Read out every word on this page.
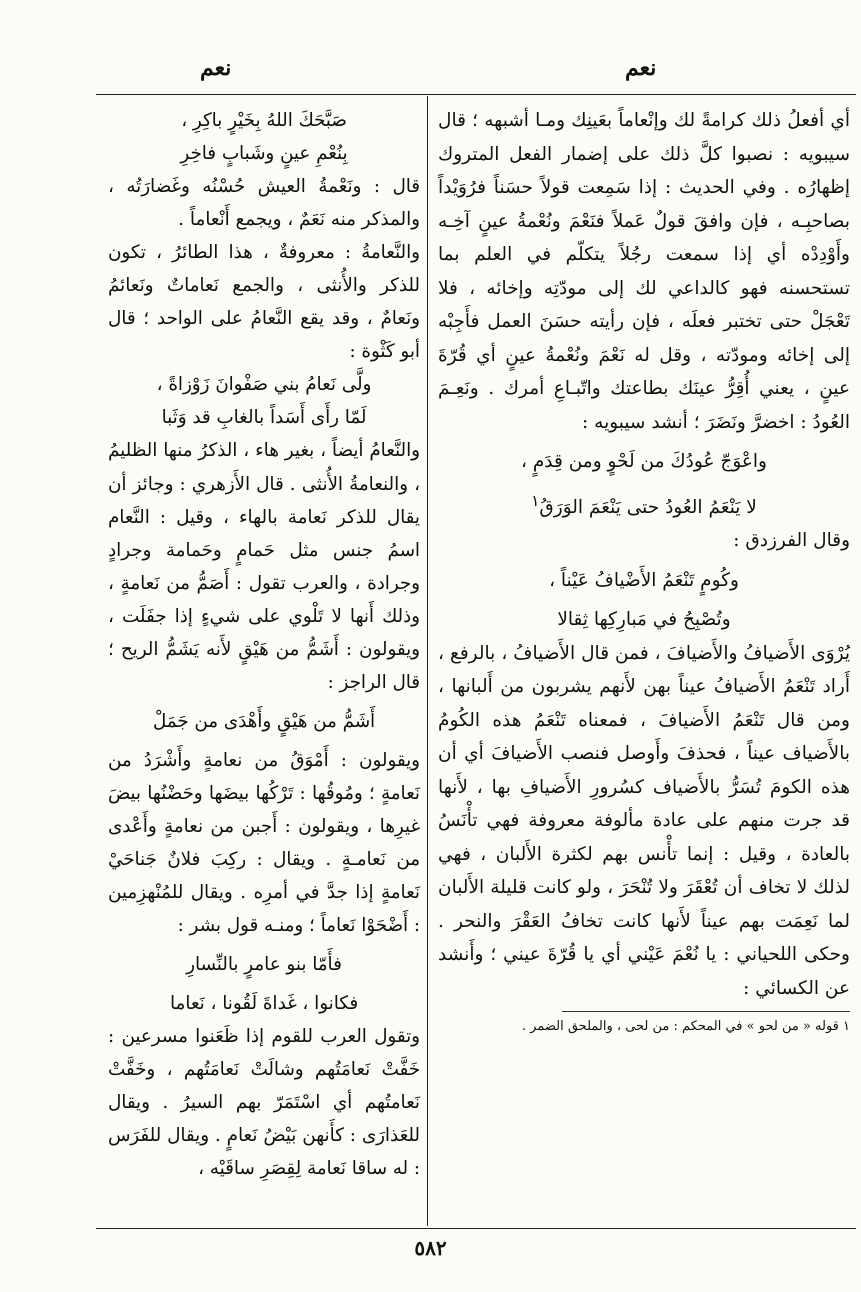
نعم	نعم

أي أفعلُ ذلك كرامةً لك وإنْعاماً بعَينِك ومـا أشبهه ؛ قال سيبويه : نصبوا كلَّ ذلك على إضمار الفعل المتروك إظهارُه . وفي الحديث : إذا سَمِعت قولاً حسَناً فرُوَيْداً بصاحبِـه ، فإن وافقَ قولٌ عَملاً فنَعْمَ ونُعْمةُ عينٍ آخِـه وأَوْدِدْه أي إذا سمعت رجُلاً يتكلّم في العلم بما تستحسنه فهو كالداعي لك إلى مودّتِه وإخائه ، فلا تَعْجَلْ حتى تختبر فعلَه ، فإن رأيته حسَنَ العمل فأَجِبْه إلى إخائه ومودّته ، وقل له نَعْمَ ونُعْمةُ عينٍ أي قُرّةَ عينٍ ، يعني أُقِرُّ عينَك بطاعتك واتّبـاعِ أمرك . ونَعِـمَ العُودُ : اخضرَّ ونَضَرَ ؛ أنشد سيبويه :

واعْوَجّ عُودُكَ من لَحْوٍ ومن قِدَمٍ ،

لا يَنْعَمُ العُودُ حتى يَنْعَمَ الوَرَقُ$^١$

وقال الفرزدق :

وكُومٍ تَنْعَمُ الأَضْيافُ عَيْناً ،

وتُصْبِحُ في مَبارِكِها ثِقالا

يُرْوَى الأَضيافُ والأَضيافَ ، فمن قال الأَضيافُ ، بالرفع ، أَراد تَنْعَمُ الأَضيافُ عيناً بهن لأَنهم يشربون من أَلبانها ، ومن قال تَنْعَمُ الأَضيافَ ، فمعناه تَنْعَمُ هذه الكُومُ بالأَضياف عيناً ، فحذفَ وأَوصل فنصب الأَضيافَ أي أن هذه الكومَ تُسَرُّ بالأَضياف كسُرورِ الأَضيافِ بها ، لأَنها قد جرت منهم على عادة مألوفة معروفة فهي تأْنَسُ بالعادة ، وقيل : إنما تأْنس بهم لكثرة الأَلبان ، فهي لذلك لا تخاف أن تُعْقَرَ ولا تُنْحَرَ ، ولو كانت قليلة الأَلبان لما نَعِمَت بهم عيناً لأَنها كانت تخافُ العَقْرَ والنحر . وحكى اللحياني : يا نُعْمَ عَيْني أي يا قُرّةَ عيني ؛ وأَنشد عن الكسائي :

١ قوله « من لحو » في المحكم : من لحى ، والملحق الضمر .

صَبَّحَكَ اللهُ بِخَيْرٍ باكِرِ ،

بِنُعْمِ عينٍ وشَبابٍ فاخِرِ

قال : ونَعْمةُ العيش حُسْنُه وغَضارَتُه ، والمذكر منه نَعَمٌ ، ويجمع أَنْعاماً .

والنَّعامةُ : معروفةٌ ، هذا الطائرُ ، تكون للذكر والأُنثى ، والجمع نَعاماتٌ ونَعائمُ ونَعامٌ ، وقد يقع النَّعامُ على الواحد ؛ قال أبو كَثْوة :

ولَّى نَعامُ بني صَفْوانَ زَوْزاةً ،

لَمّا رأَى أَسَداً بالغابِ قد وَثَبا

والنَّعامُ أيضاً ، بغير هاء ، الذكرُ منها الظليمُ ، والنعامةُ الأُنثى . قال الأَزهري : وجائز أن يقال للذكر نَعامة بالهاء ، وقيل : النَّعام اسمُ جنس مثل حَمامٍ وحَمامة وجرادٍ وجرادة ، والعرب تقول : أَصَمُّ من نَعامةٍ ، وذلك أَنها لا تَلْوي على شيءٍ إذا جفَلَت ، ويقولون : أَشَمُّ من هَيْقٍ لأَنه يَشَمُّ الريح ؛ قال الراجز :

أَشَمُّ من هَيْقٍ وأَهْدَى من جَمَلْ

ويقولون : أَمْوَقُ من نعامةٍ وأَشْرَدُ من نَعامةٍ ؛ ومُوقُها : تَرْكُها بيضَها وحَضْنُها بيضَ غيرِها ، ويقولون : أَجبن من نعامةٍ وأَعْدى من نَعامـةٍ . ويقال : ركِبَ فلانٌ جَناحَيْ نَعامةٍ إذا جدَّ في أمرِه . ويقال للمُنْهزِمين : أَضْحَوْا نَعاماً ؛ ومنـه قول بشر :

فأَمّا بنو عامرٍ بالنِّسارِ

فكانوا ، غَداةَ لَقُونا ، نَعاما

وتقول العرب للقوم إذا ظَعَنوا مسرعين : خَفَّتْ نَعامَتُهم وشالَتْ نَعامَتُهم ، وخَفَّتْ نَعامتُهم أي اسْتَمَرّ بهم السيرُ . ويقال للعَذارَى : كأَنهن بَيْضُ نَعامٍ . ويقال للفَرَس : له ساقا نَعامة لِقِصَرِ ساقَيْه ،

٥٨٢
